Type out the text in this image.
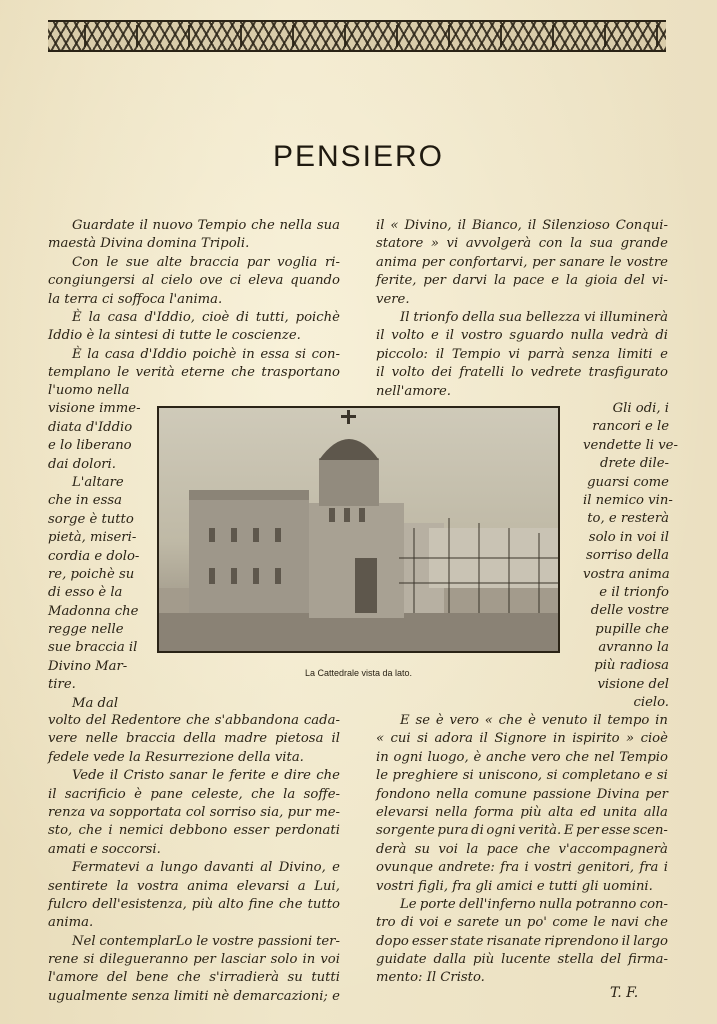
PENSIERO
Guardate il nuovo Tempio che nella sua
maestà Divina domina Tripoli.
Con le sue alte braccia par voglia ri-
congiungersi al cielo ove ci eleva quando
la terra ci soffoca l'anima.
È la casa d'Iddio, cioè di tutti, poichè
Iddio è la sintesi di tutte le coscienze.
È la casa d'Iddio poichè in essa si con-
templano le verità eterne che trasportano
l'uomo nella
visione imme-
diata d'Iddio
e lo liberano
dai dolori.
L'altare
che in essa
sorge è tutto
pietà, miseri-
cordia e dolo-
re, poichè su
di esso è la
Madonna che
regge nelle
sue braccia il
Divino Mar-
tire.
Ma dal
volto del Redentore che s'abbandona cada-
vere nelle braccia della madre pietosa il
fedele vede la Resurrezione della vita.
Vede il Cristo sanar le ferite e dire che
il sacrificio è pane celeste, che la soffe-
renza va sopportata col sorriso sia, pur me-
sto, che i nemici debbono esser perdonati
amati e soccorsi.
Fermatevi a lungo davanti al Divino, e
sentirete la vostra anima elevarsi a Lui,
fulcro dell'esistenza, più alto fine che tutto
anima.
Nel contemplarLo le vostre passioni ter-
rene si dilegueranno per lasciar solo in voi
l'amore del bene che s'irradierà su tutti
ugualmente senza limiti nè demarcazioni; e
il « Divino, il Bianco, il Silenzioso Conqui-
statore » vi avvolgerà con la sua grande
anima per confortarvi, per sanare le vostre
ferite, per darvi la pace e la gioia del vi-
vere.
Il trionfo della sua bellezza vi illuminerà
il volto e il vostro sguardo nulla vedrà di
piccolo: il Tempio vi parrà senza limiti e
il volto dei fratelli lo vedrete trasfigurato
nell'amore.
Gli odi, i
rancori e le
vendette li ve-
drete dile-
guarsi come
il nemico vin-
to, e resterà
solo in voi il
sorriso della
vostra anima
e il trionfo
delle vostre
pupille che
avranno la
più radiosa
visione del
cielo.
E se è vero « che è venuto il tempo in
« cui si adora il Signore in ispirito » cioè
in ogni luogo, è anche vero che nel Tempio
le preghiere si uniscono, si completano e si
fondono nella comune passione Divina per
elevarsi nella forma più alta ed unita alla
sorgente pura di ogni verità. E per esse scen-
derà su voi la pace che v'accompagnerà
ovunque andrete: fra i vostri genitori, fra i
vostri figli, fra gli amici e tutti gli uomini.
Le porte dell'inferno nulla potranno con-
tro di voi e sarete un po' come le navi che
dopo esser state risanate riprendono il largo
guidate dalla più lucente stella del firma-
mento: Il Cristo.
La Cattedrale vista da lato.
T. F.
